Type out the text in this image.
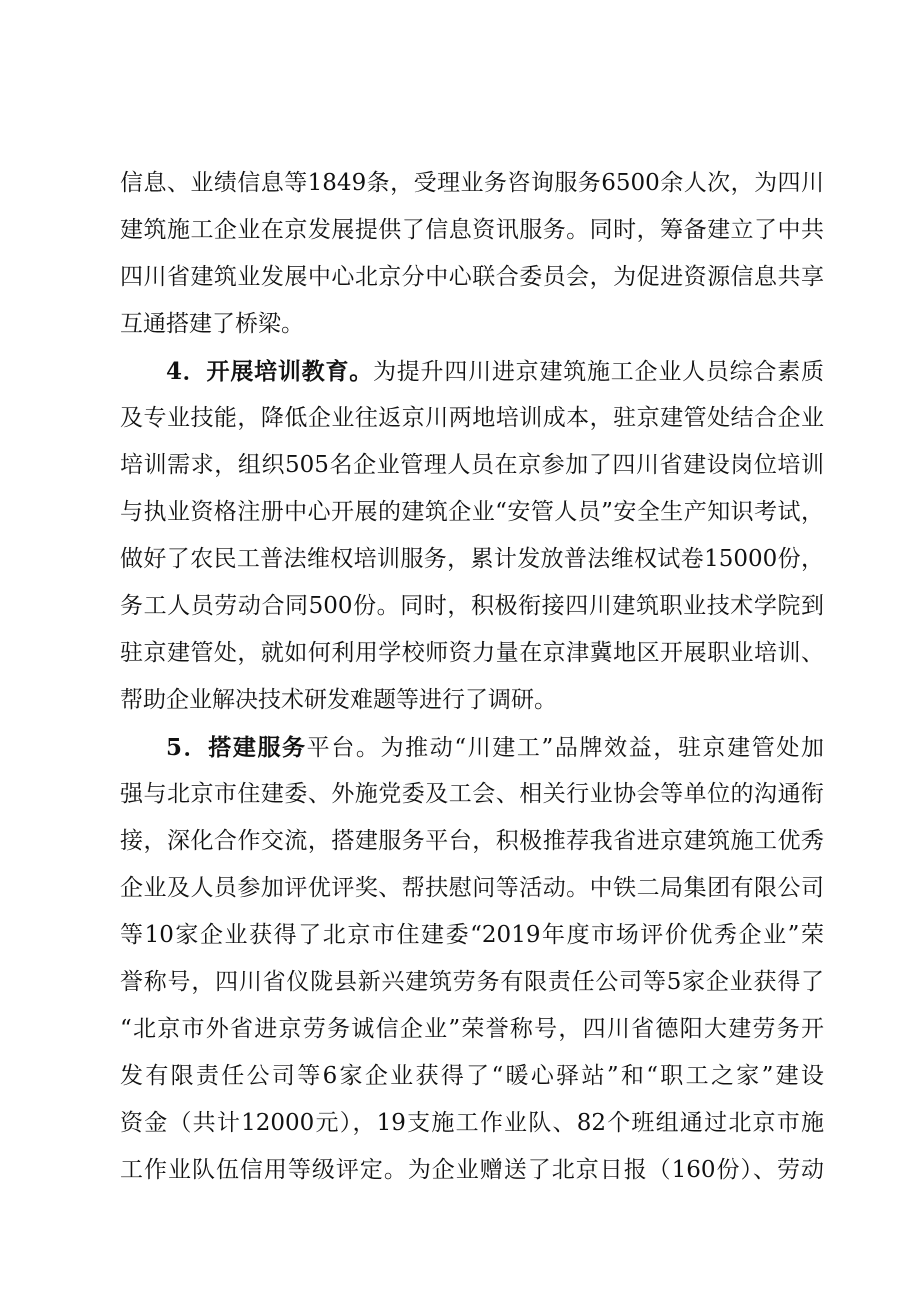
信息、业绩信息等1849条，受理业务咨询服务6500余人次，为四川
建筑施工企业在京发展提供了信息资讯服务。同时，筹备建立了中共
四川省建筑业发展中心北京分中心联合委员会，为促进资源信息共享
互通搭建了桥梁。
4．开展培训教育。为提升四川进京建筑施工企业人员综合素质
及专业技能，降低企业往返京川两地培训成本，驻京建管处结合企业
培训需求，组织505名企业管理人员在京参加了四川省建设岗位培训
与执业资格注册中心开展的建筑企业“安管人员”安全生产知识考试，
做好了农民工普法维权培训服务，累计发放普法维权试卷15000份，
务工人员劳动合同500份。同时，积极衔接四川建筑职业技术学院到
驻京建管处，就如何利用学校师资力量在京津冀地区开展职业培训、
帮助企业解决技术研发难题等进行了调研。
5．搭建服务平台。为推动“川建工”品牌效益，驻京建管处加
强与北京市住建委、外施党委及工会、相关行业协会等单位的沟通衔
接，深化合作交流，搭建服务平台，积极推荐我省进京建筑施工优秀
企业及人员参加评优评奖、帮扶慰问等活动。中铁二局集团有限公司
等10家企业获得了北京市住建委“2019年度市场评价优秀企业”荣
誉称号，四川省仪陇县新兴建筑劳务有限责任公司等5家企业获得了
“北京市外省进京劳务诚信企业”荣誉称号，四川省德阳大建劳务开
发有限责任公司等6家企业获得了“暖心驿站”和“职工之家”建设
资金（共计12000元），19支施工作业队、82个班组通过北京市施
工作业队伍信用等级评定。为企业赠送了北京日报（160份）、劳动
